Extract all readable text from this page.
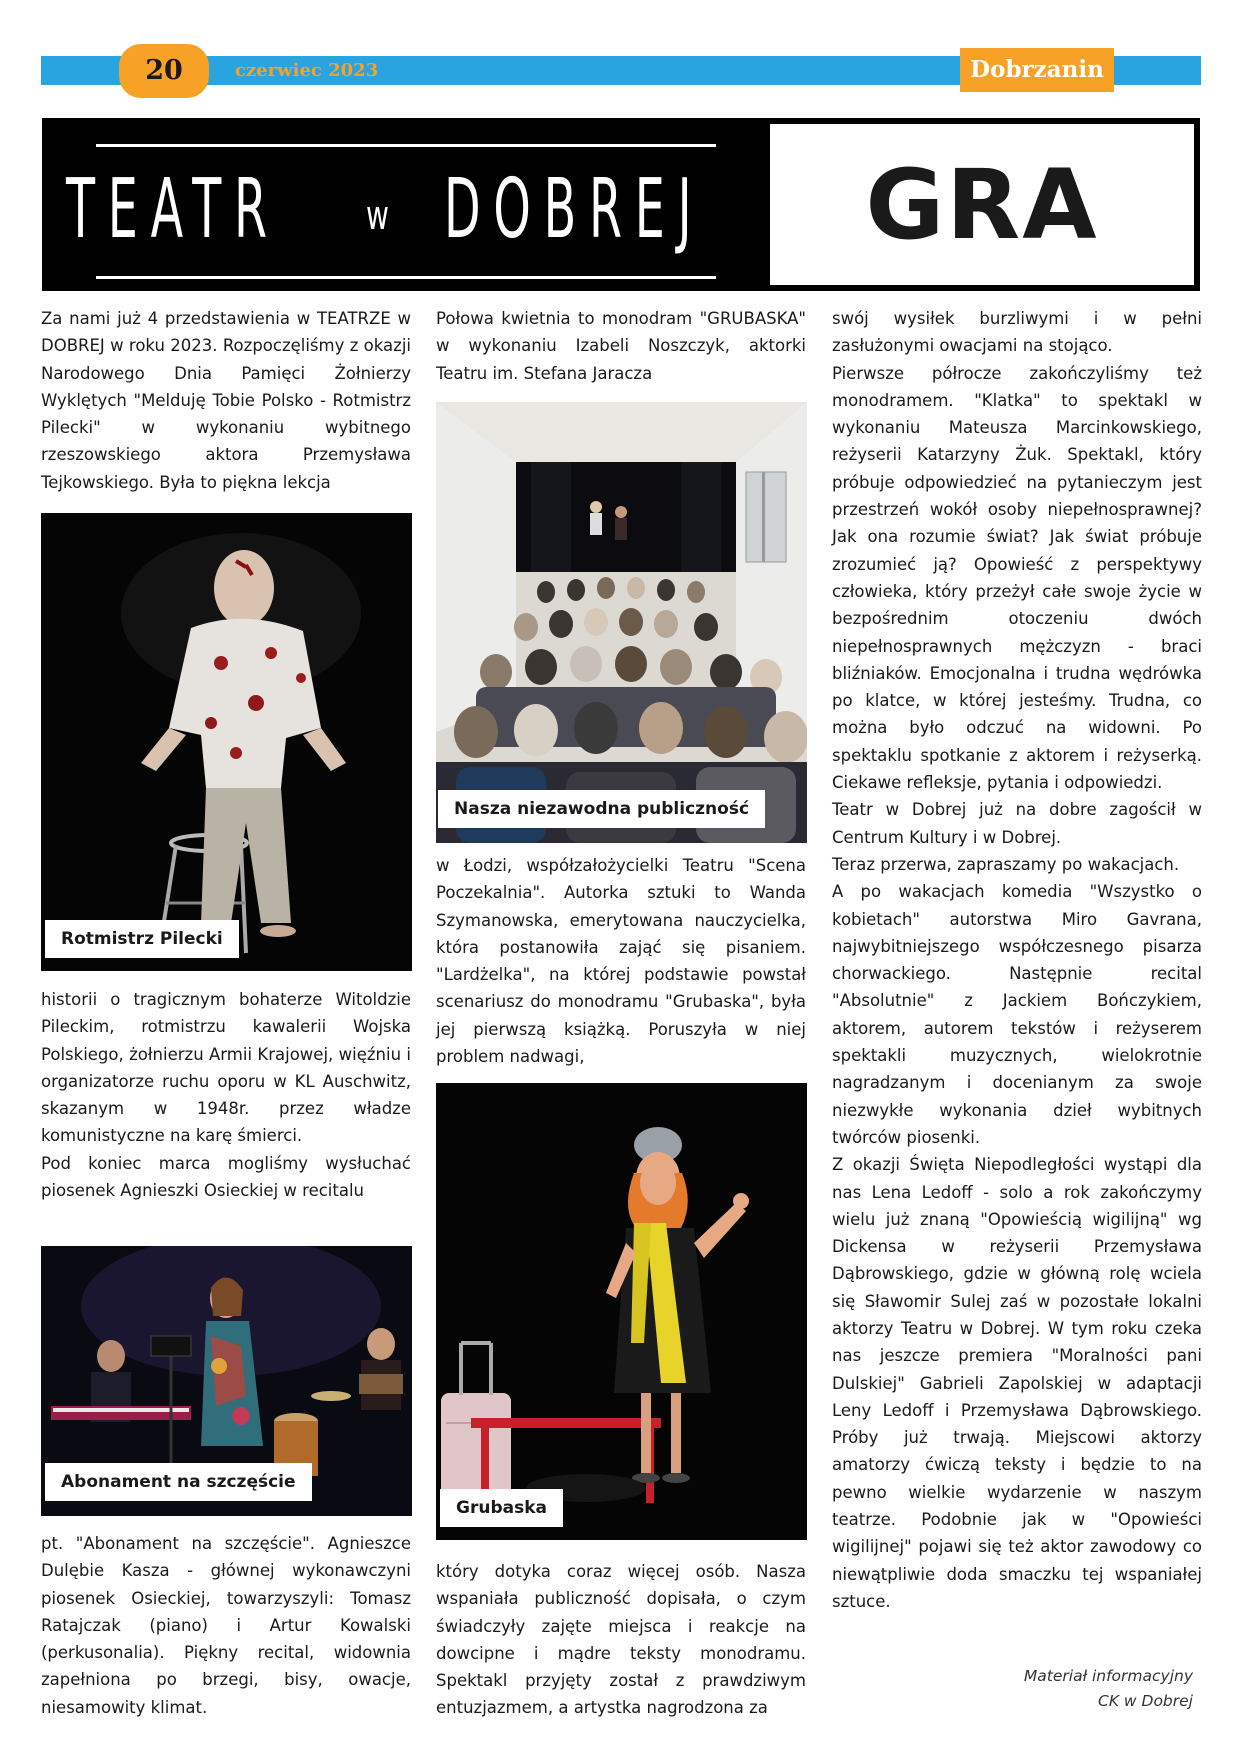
20	czerwiec 2023	Dobrzanin
TEATR w DOBREJ	GRA

Za nami już 4 przedstawienia w TEATRZE w DOBREJ w roku 2023. Rozpoczęliśmy z okazji Narodowego Dnia Pamięci Żołnierzy Wyklętych "Melduję Tobie Polsko - Rotmistrz Pilecki" w wykonaniu wybitnego rzeszowskiego aktora Przemysława Tejkowskiego. Była to piękna lekcja

Rotmistrz Pilecki

historii o tragicznym bohaterze Witoldzie Pileckim, rotmistrzu kawalerii Wojska Polskiego, żołnierzu Armii Krajowej, więźniu i organizatorze ruchu oporu w KL Auschwitz, skazanym w 1948r. przez władze komunistyczne na karę śmierci.

Pod koniec marca mogliśmy wysłuchać piosenek Agnieszki Osieckiej w recitalu

Abonament na szczęście

pt. "Abonament na szczęście". Agnieszce Dulębie Kasza - głównej wykonawczyni piosenek Osieckiej, towarzyszyli: Tomasz Ratajczak (piano) i Artur Kowalski (perkusonalia). Piękny recital, widownia zapełniona po brzegi, bisy, owacje, niesamowity klimat.

Połowa kwietnia to monodram "GRUBASKA" w wykonaniu Izabeli Noszczyk, aktorki Teatru im. Stefana Jaracza

Nasza niezawodna publiczność

w Łodzi, współzałożycielki Teatru "Scena Poczekalnia". Autorka sztuki to Wanda Szymanowska, emerytowana nauczycielka, która postanowiła zająć się pisaniem. "Lardżelka", na której podstawie powstał scenariusz do monodramu "Grubaska", była jej pierwszą książką. Poruszyła w niej problem nadwagi,

Grubaska

który dotyka coraz więcej osób. Nasza wspaniała publiczność dopisała, o czym świadczyły zajęte miejsca i reakcje na dowcipne i mądre teksty monodramu. Spektakl przyjęty został z prawdziwym entuzjazmem, a artystka nagrodzona za

swój wysiłek burzliwymi i w pełni zasłużonymi owacjami na stojąco.

Pierwsze półrocze zakończyliśmy też monodramem. "Klatka" to spektakl w wykonaniu Mateusza Marcinkowskiego, reżyserii Katarzyny Żuk. Spektakl, który próbuje odpowiedzieć na pytanieczym jest przestrzeń wokół osoby niepełnosprawnej? Jak ona rozumie świat? Jak świat próbuje zrozumieć ją? Opowieść z perspektywy człowieka, który przeżył całe swoje życie w bezpośrednim otoczeniu dwóch niepełnosprawnych mężczyzn - braci bliźniaków. Emocjonalna i trudna wędrówka po klatce, w której jesteśmy. Trudna, co można było odczuć na widowni. Po spektaklu spotkanie z aktorem i reżyserką. Ciekawe refleksje, pytania i odpowiedzi.

Teatr w Dobrej już na dobre zagościł w Centrum Kultury i w Dobrej.

Teraz przerwa, zapraszamy po wakacjach.

A po wakacjach komedia "Wszystko o kobietach" autorstwa Miro Gavrana, najwybitniejszego współczesnego pisarza chorwackiego. Następnie recital "Absolutnie" z Jackiem Bończykiem, aktorem, autorem tekstów i reżyserem spektakli muzycznych, wielokrotnie nagradzanym i docenianym za swoje niezwykłe wykonania dzieł wybitnych twórców piosenki.

Z okazji Święta Niepodległości wystąpi dla nas Lena Ledoff - solo a rok zakończymy wielu już znaną "Opowieścią wigilijną" wg Dickensa w reżyserii Przemysława Dąbrowskiego, gdzie w główną rolę wciela się Sławomir Sulej zaś w pozostałe lokalni aktorzy Teatru w Dobrej. W tym roku czeka nas jeszcze premiera "Moralności pani Dulskiej" Gabrieli Zapolskiej w adaptacji Leny Ledoff i Przemysława Dąbrowskiego. Próby już trwają. Miejscowi aktorzy amatorzy ćwiczą teksty i będzie to na pewno wielkie wydarzenie w naszym teatrze. Podobnie jak w "Opowieści wigilijnej" pojawi się też aktor zawodowy co niewątpliwie doda smaczku tej wspaniałej sztuce.

Materiał informacyjny
CK w Dobrej
